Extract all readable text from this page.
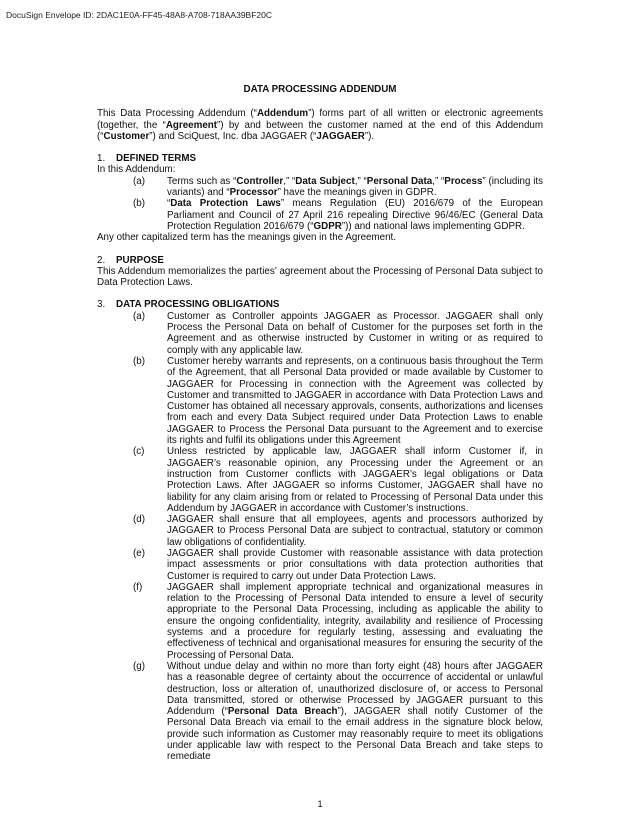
DocuSign Envelope ID: 2DAC1E0A-FF45-48A8-A708-718AA39BF20C
DATA PROCESSING ADDENDUM

This Data Processing Addendum (“Addendum”) forms part of all written or electronic agreements (together, the “Agreement”) by and between the customer named at the end of this Addendum (“Customer”) and SciQuest, Inc. dba JAGGAER (“JAGGAER”).

1.	DEFINED TERMS

In this Addendum:

(a)	Terms such as “Controller,” “Data Subject,” “Personal Data,” “Process” (including its variants) and “Processor” have the meanings given in GDPR.
(b)	“Data Protection Laws” means Regulation (EU) 2016/679 of the European Parliament and Council of 27 April 216 repealing Directive 96/46/EC (General Data Protection Regulation 2016/679 (“GDPR”)) and national laws implementing GDPR.

Any other capitalized term has the meanings given in the Agreement.

2.	PURPOSE

This Addendum memorializes the parties’ agreement about the Processing of Personal Data subject to Data Protection Laws.

3.	DATA PROCESSING OBLIGATIONS
(a)	Customer as Controller appoints JAGGAER as Processor. JAGGAER shall only Process the Personal Data on behalf of Customer for the purposes set forth in the Agreement and as otherwise instructed by Customer in writing or as required to comply with any applicable law.
(b)	Customer hereby warrants and represents, on a continuous basis throughout the Term of the Agreement, that all Personal Data provided or made available by Customer to JAGGAER for Processing in connection with the Agreement was collected by Customer and transmitted to JAGGAER in accordance with Data Protection Laws and Customer has obtained all necessary approvals, consents, authorizations and licenses from each and every Data Subject required under Data Protection Laws to enable JAGGAER to Process the Personal Data pursuant to the Agreement and to exercise its rights and fulfil its obligations under this Agreement
(c)	Unless restricted by applicable law, JAGGAER shall inform Customer if, in JAGGAER’s reasonable opinion, any Processing under the Agreement or an instruction from Customer conflicts with JAGGAER’s legal obligations or Data Protection Laws. After JAGGAER so informs Customer, JAGGAER shall have no liability for any claim arising from or related to Processing of Personal Data under this Addendum by JAGGAER in accordance with Customer’s instructions.
(d)	JAGGAER shall ensure that all employees, agents and processors authorized by JAGGAER to Process Personal Data are subject to contractual, statutory or common law obligations of confidentiality.
(e)	JAGGAER shall provide Customer with reasonable assistance with data protection impact assessments or prior consultations with data protection authorities that Customer is required to carry out under Data Protection Laws.
(f)	JAGGAER shall implement appropriate technical and organizational measures in relation to the Processing of Personal Data intended to ensure a level of security appropriate to the Personal Data Processing, including as applicable the ability to ensure the ongoing confidentiality, integrity, availability and resilience of Processing systems and a procedure for regularly testing, assessing and evaluating the effectiveness of technical and organisational measures for ensuring the security of the Processing of Personal Data.
(g)	Without undue delay and within no more than forty eight (48) hours after JAGGAER has a reasonable degree of certainty about the occurrence of accidental or unlawful destruction, loss or alteration of, unauthorized disclosure of, or access to Personal Data transmitted, stored or otherwise Processed by JAGGAER pursuant to this Addendum (“Personal Data Breach”), JAGGAER shall notify Customer of the Personal Data Breach via email to the email address in the signature block below, provide such information as Customer may reasonably require to meet its obligations under applicable law with respect to the Personal Data Breach and take steps to remediate
1
